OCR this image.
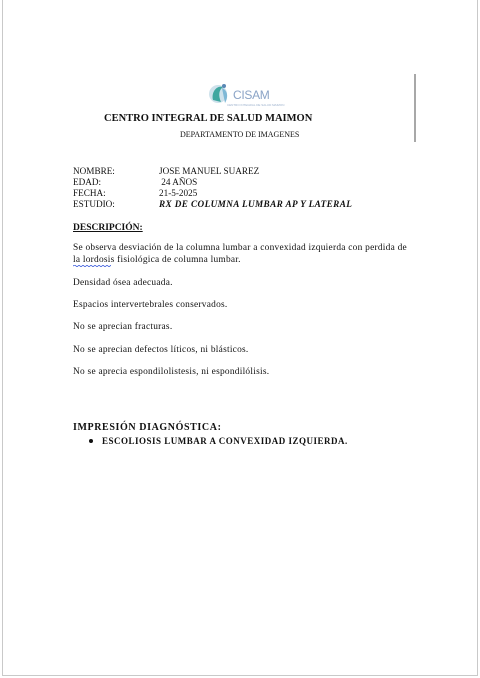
CISAM
CENTRO INTEGRAL DE SALUD MAIMON
CENTRO INTEGRAL DE SALUD MAIMON
DEPARTAMENTO DE IMAGENES
NOMBRE:	JOSE MANUEL SUAREZ
EDAD:	24 AÑOS
FECHA:	21-5-2025
ESTUDIO:	RX DE COLUMNA LUMBAR AP Y LATERAL
DESCRIPCIÓN:
Se observa desviación de la columna lumbar a convexidad izquierda con perdida de la lordosis fisiológica de columna lumbar.
Densidad ósea adecuada.
Espacios intervertebrales conservados.
No se aprecian fracturas.
No se aprecian defectos líticos, ni blásticos.
No se aprecia espondilolistesis, ni espondilólisis.
IMPRESIÓN DIAGNÓSTICA:
ESCOLIOSIS LUMBAR A CONVEXIDAD IZQUIERDA.
